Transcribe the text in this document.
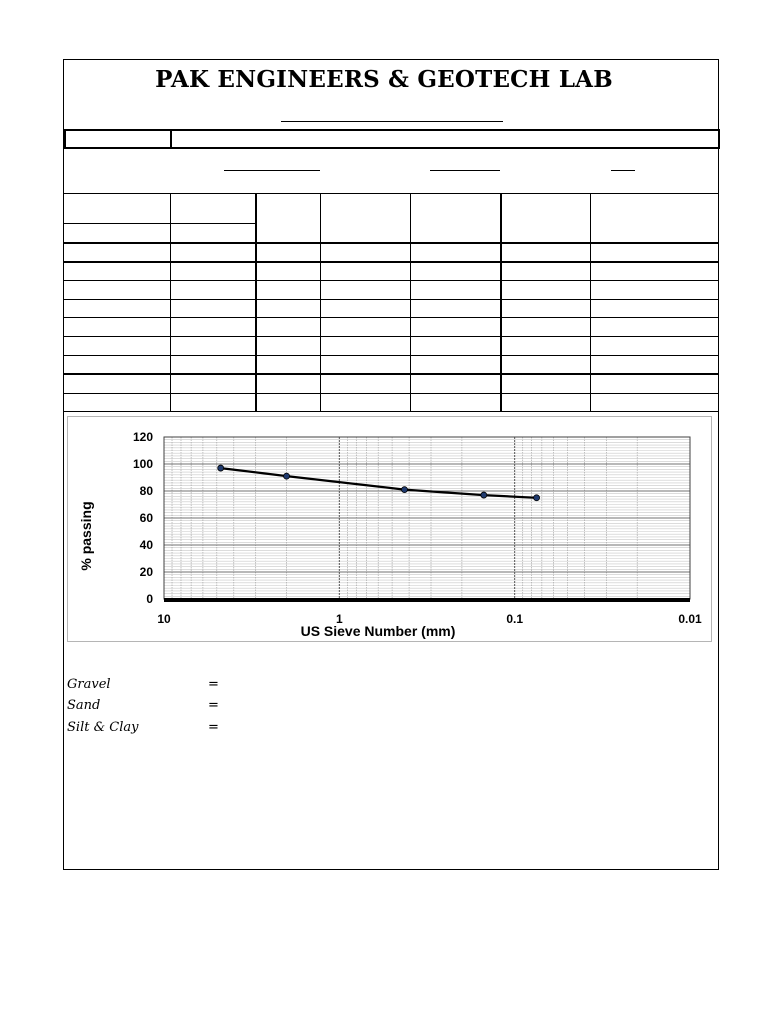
PAK ENGINEERS & GEOTECH LAB
0
20
40
60
80
100
120
10	1	0.1	0.01
US Sieve Number (mm)
% passing
Gravel	=
Sand	=
Silt & Clay	=
